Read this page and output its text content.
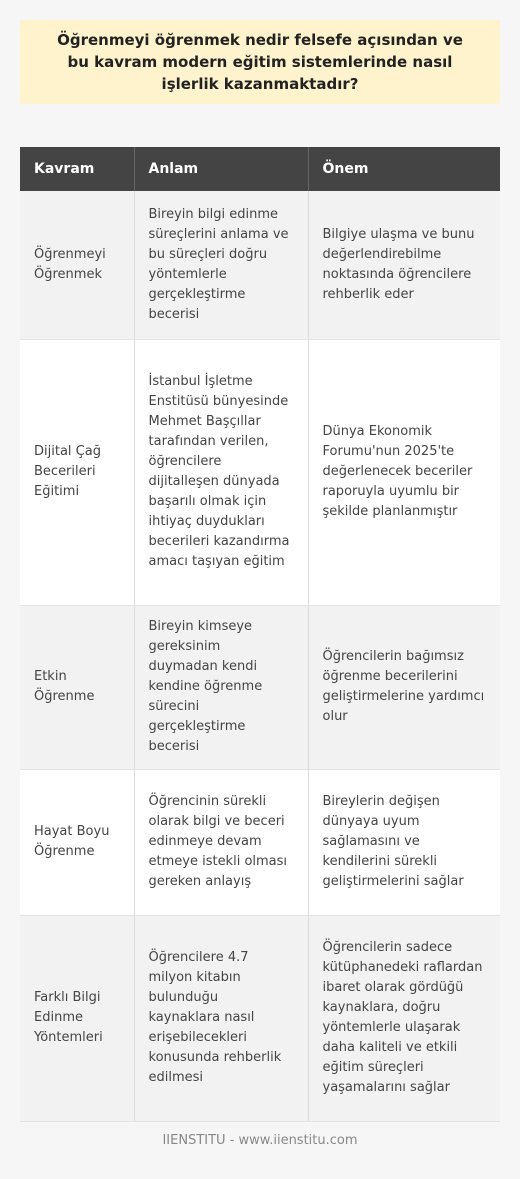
Öğrenmeyi öğrenmek nedir felsefe açısından ve bu kavram modern eğitim sistemlerinde nasıl işlerlik kazanmaktadır?
Kavram	Anlam	Önem
Öğrenmeyi Öğrenmek	Bireyin bilgi edinme süreçlerini anlama ve bu süreçleri doğru yöntemlerle gerçekleştirme becerisi	Bilgiye ulaşma ve bunu değerlendirebilme noktasında öğrencilere rehberlik eder
Dijital Çağ Becerileri Eğitimi	İstanbul İşletme Enstitüsü bünyesinde Mehmet Başçıllar tarafından verilen, öğrencilere dijitalleşen dünyada başarılı olmak için ihtiyaç duydukları becerileri kazandırma amacı taşıyan eğitim	Dünya Ekonomik Forumu'nun 2025'te değerlenecek beceriler raporuyla uyumlu bir şekilde planlanmıştır
Etkin Öğrenme	Bireyin kimseye gereksinim duymadan kendi kendine öğrenme sürecini gerçekleştirme becerisi	Öğrencilerin bağımsız öğrenme becerilerini geliştirmelerine yardımcı olur
Hayat Boyu Öğrenme	Öğrencinin sürekli olarak bilgi ve beceri edinmeye devam etmeye istekli olması gereken anlayış	Bireylerin değişen dünyaya uyum sağlamasını ve kendilerini sürekli geliştirmelerini sağlar
Farklı Bilgi Edinme Yöntemleri	Öğrencilere 4.7 milyon kitabın bulunduğu kaynaklara nasıl erişebilecekleri konusunda rehberlik edilmesi	Öğrencilerin sadece kütüphanedeki raflardan ibaret olarak gördüğü kaynaklara, doğru yöntemlerle ulaşarak daha kaliteli ve etkili eğitim süreçleri yaşamalarını sağlar
IIENSTITU - www.iienstitu.com
